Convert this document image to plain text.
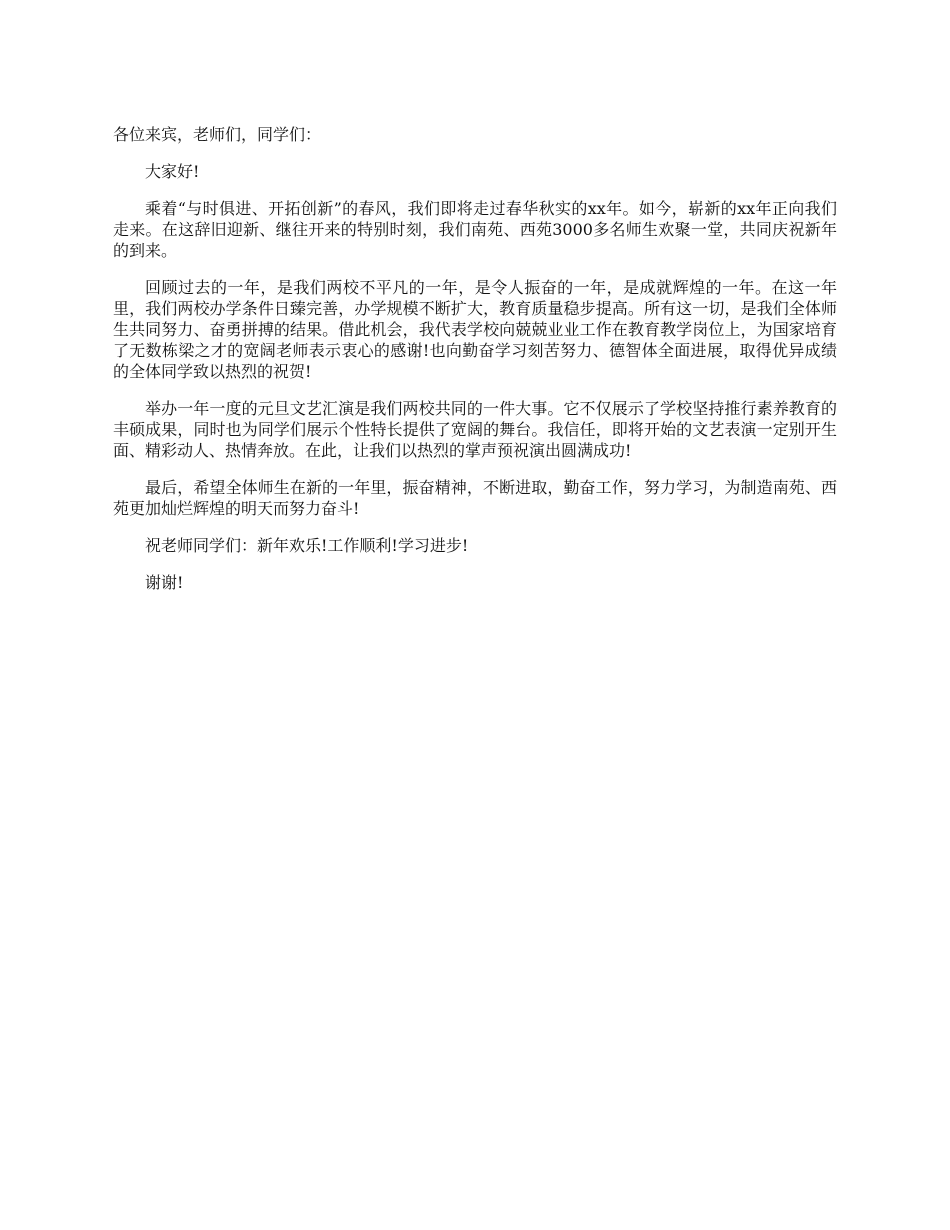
各位来宾，老师们，同学们：

大家好!

乘着“与时俱进、开拓创新”的春风，我们即将走过春华秋实的xx年。如今，崭新的xx年正向我们走来。在这辞旧迎新、继往开来的特别时刻，我们南苑、西苑3000多名师生欢聚一堂，共同庆祝新年的到来。

回顾过去的一年，是我们两校不平凡的一年，是令人振奋的一年，是成就辉煌的一年。在这一年里，我们两校办学条件日臻完善，办学规模不断扩大，教育质量稳步提高。所有这一切，是我们全体师生共同努力、奋勇拼搏的结果。借此机会，我代表学校向兢兢业业工作在教育教学岗位上，为国家培育了无数栋梁之才的宽阔老师表示衷心的感谢!也向勤奋学习刻苦努力、德智体全面进展，取得优异成绩的全体同学致以热烈的祝贺!

举办一年一度的元旦文艺汇演是我们两校共同的一件大事。它不仅展示了学校坚持推行素养教育的丰硕成果，同时也为同学们展示个性特长提供了宽阔的舞台。我信任，即将开始的文艺表演一定别开生面、精彩动人、热情奔放。在此，让我们以热烈的掌声预祝演出圆满成功!

最后，希望全体师生在新的一年里，振奋精神，不断进取，勤奋工作，努力学习，为制造南苑、西苑更加灿烂辉煌的明天而努力奋斗!

祝老师同学们：新年欢乐!工作顺利!学习进步!

谢谢!
